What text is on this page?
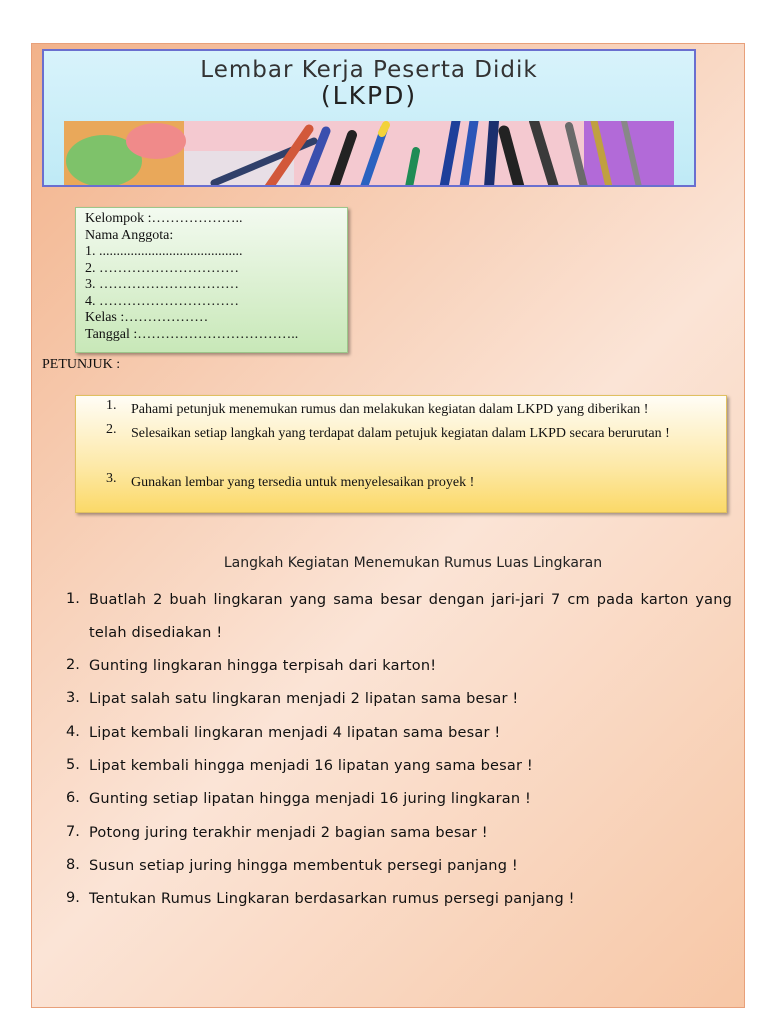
Lembar Kerja Peserta Didik
(LKPD)
Kelompok :………………..
Nama Anggota:
1. .........................................
2. …………………………
3. …………………………
4. …………………………
Kelas :………………
Tanggal :……………………………..
PETUNJUK :
1. Pahami petunjuk menemukan rumus dan melakukan kegiatan dalam LKPD yang diberikan !
2. Selesaikan setiap langkah yang terdapat dalam petujuk kegiatan dalam LKPD secara berurutan !
3. Gunakan lembar yang tersedia untuk menyelesaikan proyek !
Langkah Kegiatan Menemukan Rumus Luas Lingkaran
1. Buatlah 2 buah lingkaran yang sama besar dengan jari-jari 7 cm pada karton yang telah disediakan !
2. Gunting lingkaran hingga terpisah dari karton!
3. Lipat salah satu lingkaran menjadi 2 lipatan sama besar !
4. Lipat kembali lingkaran menjadi 4 lipatan sama besar !
5. Lipat kembali hingga menjadi 16 lipatan yang sama besar !
6. Gunting setiap lipatan hingga menjadi 16 juring lingkaran !
7. Potong juring terakhir menjadi 2 bagian sama besar !
8. Susun setiap juring hingga membentuk persegi panjang !
9. Tentukan Rumus Lingkaran berdasarkan rumus persegi panjang !
